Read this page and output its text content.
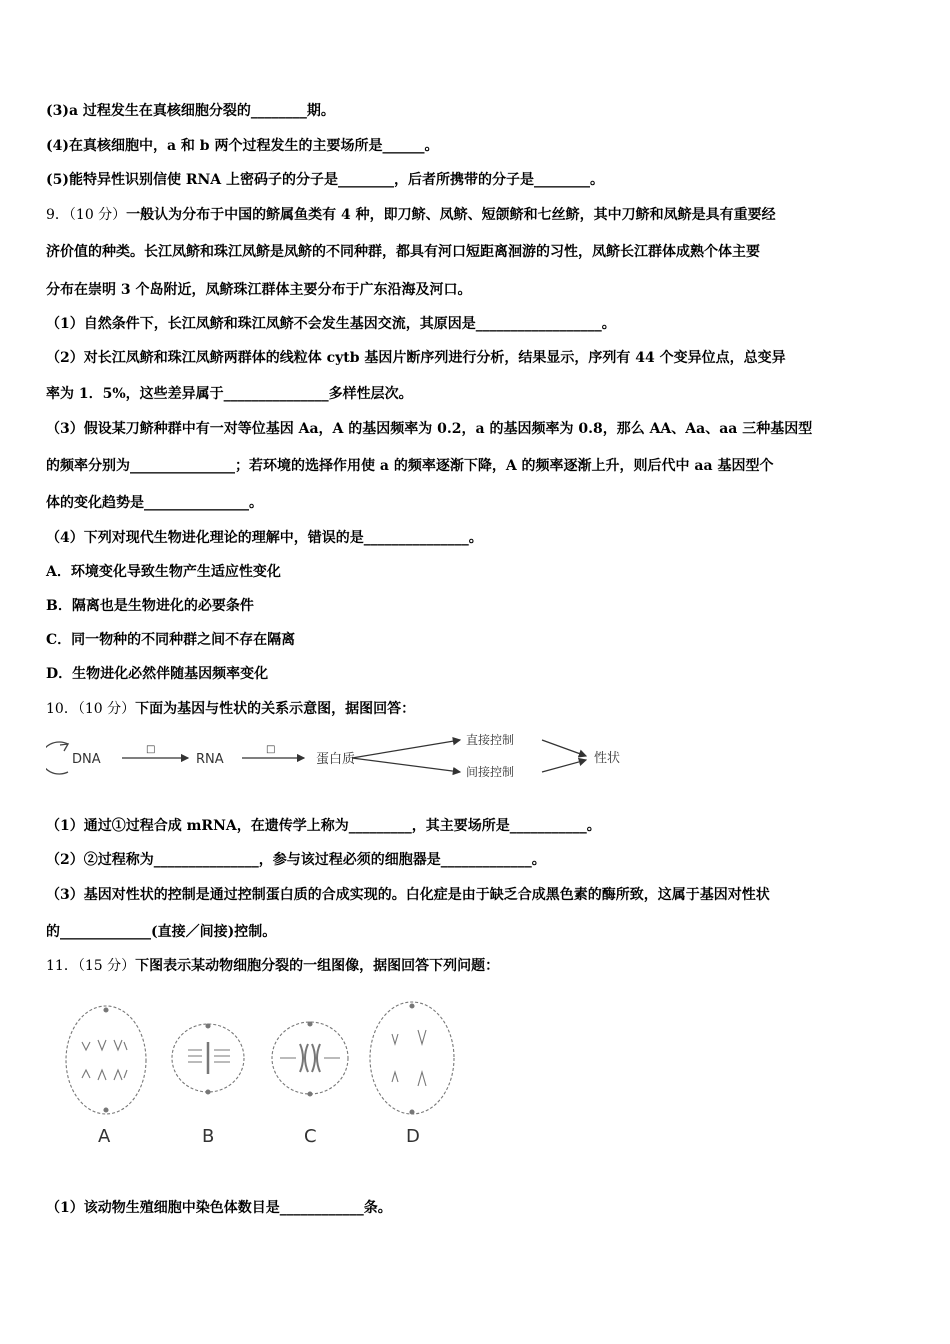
(3)a 过程发生在真核细胞分裂的________期。
(4)在真核细胞中，a 和 b 两个过程发生的主要场所是______。
(5)能特异性识别信使 RNA 上密码子的分子是________，后者所携带的分子是________。
9．（10 分）一般认为分布于中国的鲚属鱼类有 4 种，即刀鲚、凤鲚、短颌鲚和七丝鲚，其中刀鲚和凤鲚是具有重要经
济价值的种类。长江凤鲚和珠江凤鲚是凤鲚的不同种群，都具有河口短距离洄游的习性，凤鲚长江群体成熟个体主要
分布在崇明 3 个岛附近，凤鲚珠江群体主要分布于广东沿海及河口。
（1）自然条件下，长江凤鲚和珠江凤鲚不会发生基因交流，其原因是__________________。
（2）对长江凤鲚和珠江凤鲚两群体的线粒体 cytb 基因片断序列进行分析，结果显示，序列有 44 个变异位点，总变异
率为 1．5%，这些差异属于_______________多样性层次。
（3）假设某刀鲚种群中有一对等位基因 Aa，A 的基因频率为 0.2，a 的基因频率为 0.8，那么 AA、Aa、aa 三种基因型
的频率分别为_______________；若环境的选择作用使 a 的频率逐渐下降，A 的频率逐渐上升，则后代中 aa 基因型个
体的变化趋势是_______________。
（4）下列对现代生物进化理论的理解中，错误的是_______________。
A．环境变化导致生物产生适应性变化
B．隔离也是生物进化的必要条件
C．同一物种的不同种群之间不存在隔离
D．生物进化必然伴随基因频率变化
10．（10 分）下面为基因与性状的关系示意图，据图回答：
DNA
□
RNA
□
蛋白质
直接控制
间接控制
性状
（1）通过①过程合成 mRNA，在遗传学上称为_________，其主要场所是___________。
（2）②过程称为_______________，参与该过程必须的细胞器是_____________。
（3）基因对性状的控制是通过控制蛋白质的合成实现的。白化症是由于缺乏合成黑色素的酶所致，这属于基因对性状
的_____________(直接／间接)控制。
11．（15 分）下图表示某动物细胞分裂的一组图像，据图回答下列问题：
A	B	C	D
（1）该动物生殖细胞中染色体数目是____________条。
